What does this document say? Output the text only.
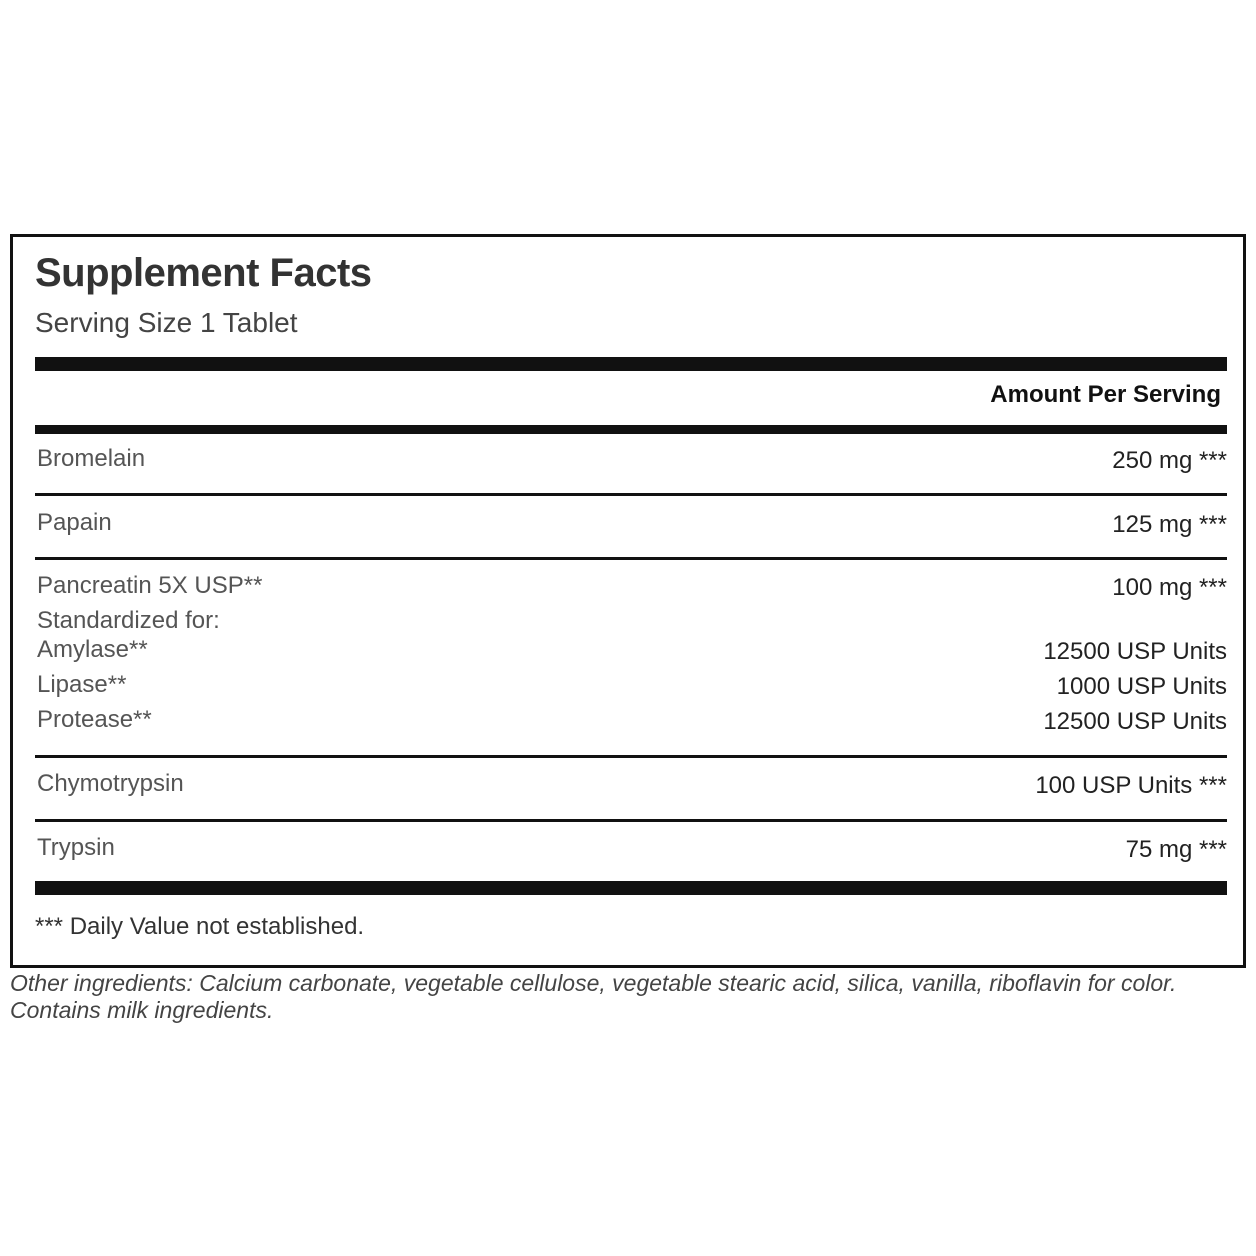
Supplement Facts
Serving Size 1 Tablet
Amount Per Serving
Bromelain	250 mg ***
Papain	125 mg ***
Pancreatin 5X USP**	100 mg ***
Standardized for:
Amylase**	12500 USP Units
Lipase**	1000 USP Units
Protease**	12500 USP Units
Chymotrypsin	100 USP Units ***
Trypsin	75 mg ***
*** Daily Value not established.
Other ingredients: Calcium carbonate, vegetable cellulose, vegetable stearic acid, silica, vanilla, riboflavin for color. Contains milk ingredients.
